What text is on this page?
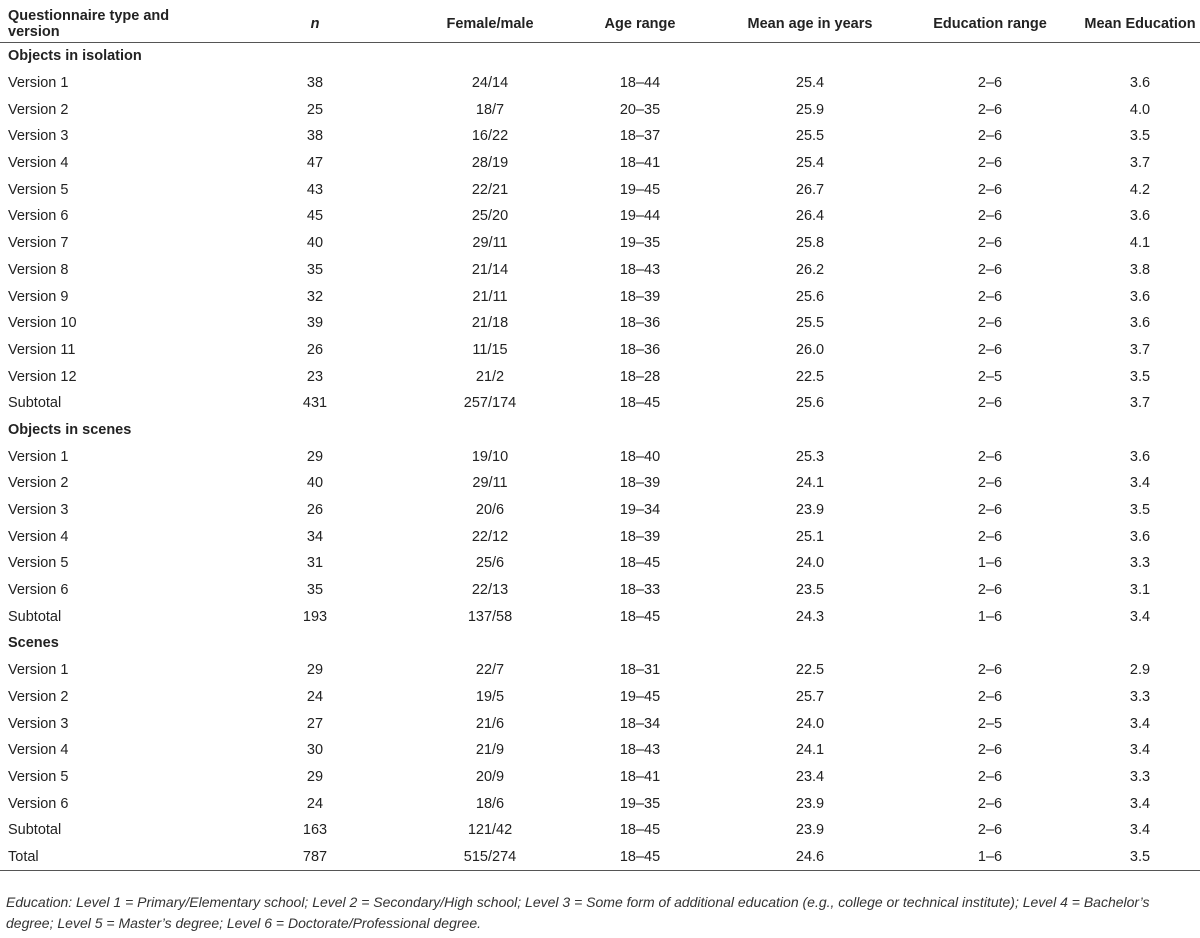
Questionnaire type and version	n	Female/male	Age range	Mean age in years	Education range	Mean Education
Objects in isolation						
Version 1	38	24/14	18–44	25.4	2–6	3.6
Version 2	25	18/7	20–35	25.9	2–6	4.0
Version 3	38	16/22	18–37	25.5	2–6	3.5
Version 4	47	28/19	18–41	25.4	2–6	3.7
Version 5	43	22/21	19–45	26.7	2–6	4.2
Version 6	45	25/20	19–44	26.4	2–6	3.6
Version 7	40	29/11	19–35	25.8	2–6	4.1
Version 8	35	21/14	18–43	26.2	2–6	3.8
Version 9	32	21/11	18–39	25.6	2–6	3.6
Version 10	39	21/18	18–36	25.5	2–6	3.6
Version 11	26	11/15	18–36	26.0	2–6	3.7
Version 12	23	21/2	18–28	22.5	2–5	3.5
Subtotal	431	257/174	18–45	25.6	2–6	3.7
Objects in scenes						
Version 1	29	19/10	18–40	25.3	2–6	3.6
Version 2	40	29/11	18–39	24.1	2–6	3.4
Version 3	26	20/6	19–34	23.9	2–6	3.5
Version 4	34	22/12	18–39	25.1	2–6	3.6
Version 5	31	25/6	18–45	24.0	1–6	3.3
Version 6	35	22/13	18–33	23.5	2–6	3.1
Subtotal	193	137/58	18–45	24.3	1–6	3.4
Scenes						
Version 1	29	22/7	18–31	22.5	2–6	2.9
Version 2	24	19/5	19–45	25.7	2–6	3.3
Version 3	27	21/6	18–34	24.0	2–5	3.4
Version 4	30	21/9	18–43	24.1	2–6	3.4
Version 5	29	20/9	18–41	23.4	2–6	3.3
Version 6	24	18/6	19–35	23.9	2–6	3.4
Subtotal	163	121/42	18–45	23.9	2–6	3.4
Total	787	515/274	18–45	24.6	1–6	3.5

Education: Level 1 = Primary/Elementary school; Level 2 = Secondary/High school; Level 3 = Some form of additional education (e.g., college or technical institute); Level 4 = Bachelor’s degree; Level 5 = Master’s degree; Level 6 = Doctorate/Professional degree.
